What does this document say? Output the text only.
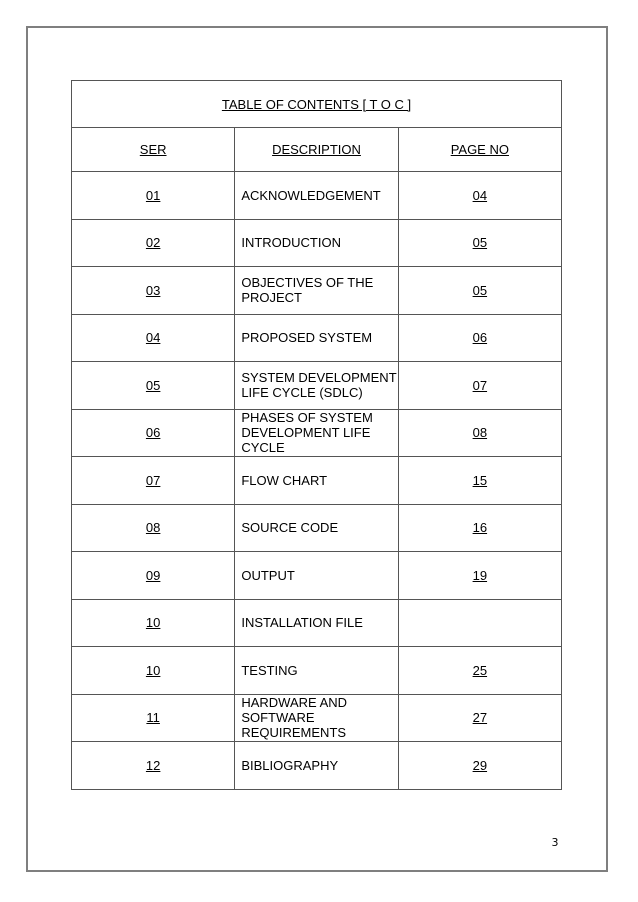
TABLE OF CONTENTS [ T O C ]		
SER	DESCRIPTION	PAGE NO
01	ACKNOWLEDGEMENT	04
02	INTRODUCTION	05
03	OBJECTIVES OF THE PROJECT	05
04	PROPOSED SYSTEM	06
05	SYSTEM DEVELOPMENT LIFE CYCLE (SDLC)	07
06	PHASES OF SYSTEM DEVELOPMENT LIFE CYCLE	08
07	FLOW CHART	15
08	SOURCE CODE	16
09	OUTPUT	19
10	INSTALLATION FILE	
10	TESTING	25
11	HARDWARE AND SOFTWARE REQUIREMENTS	27
12	BIBLIOGRAPHY	29
3
